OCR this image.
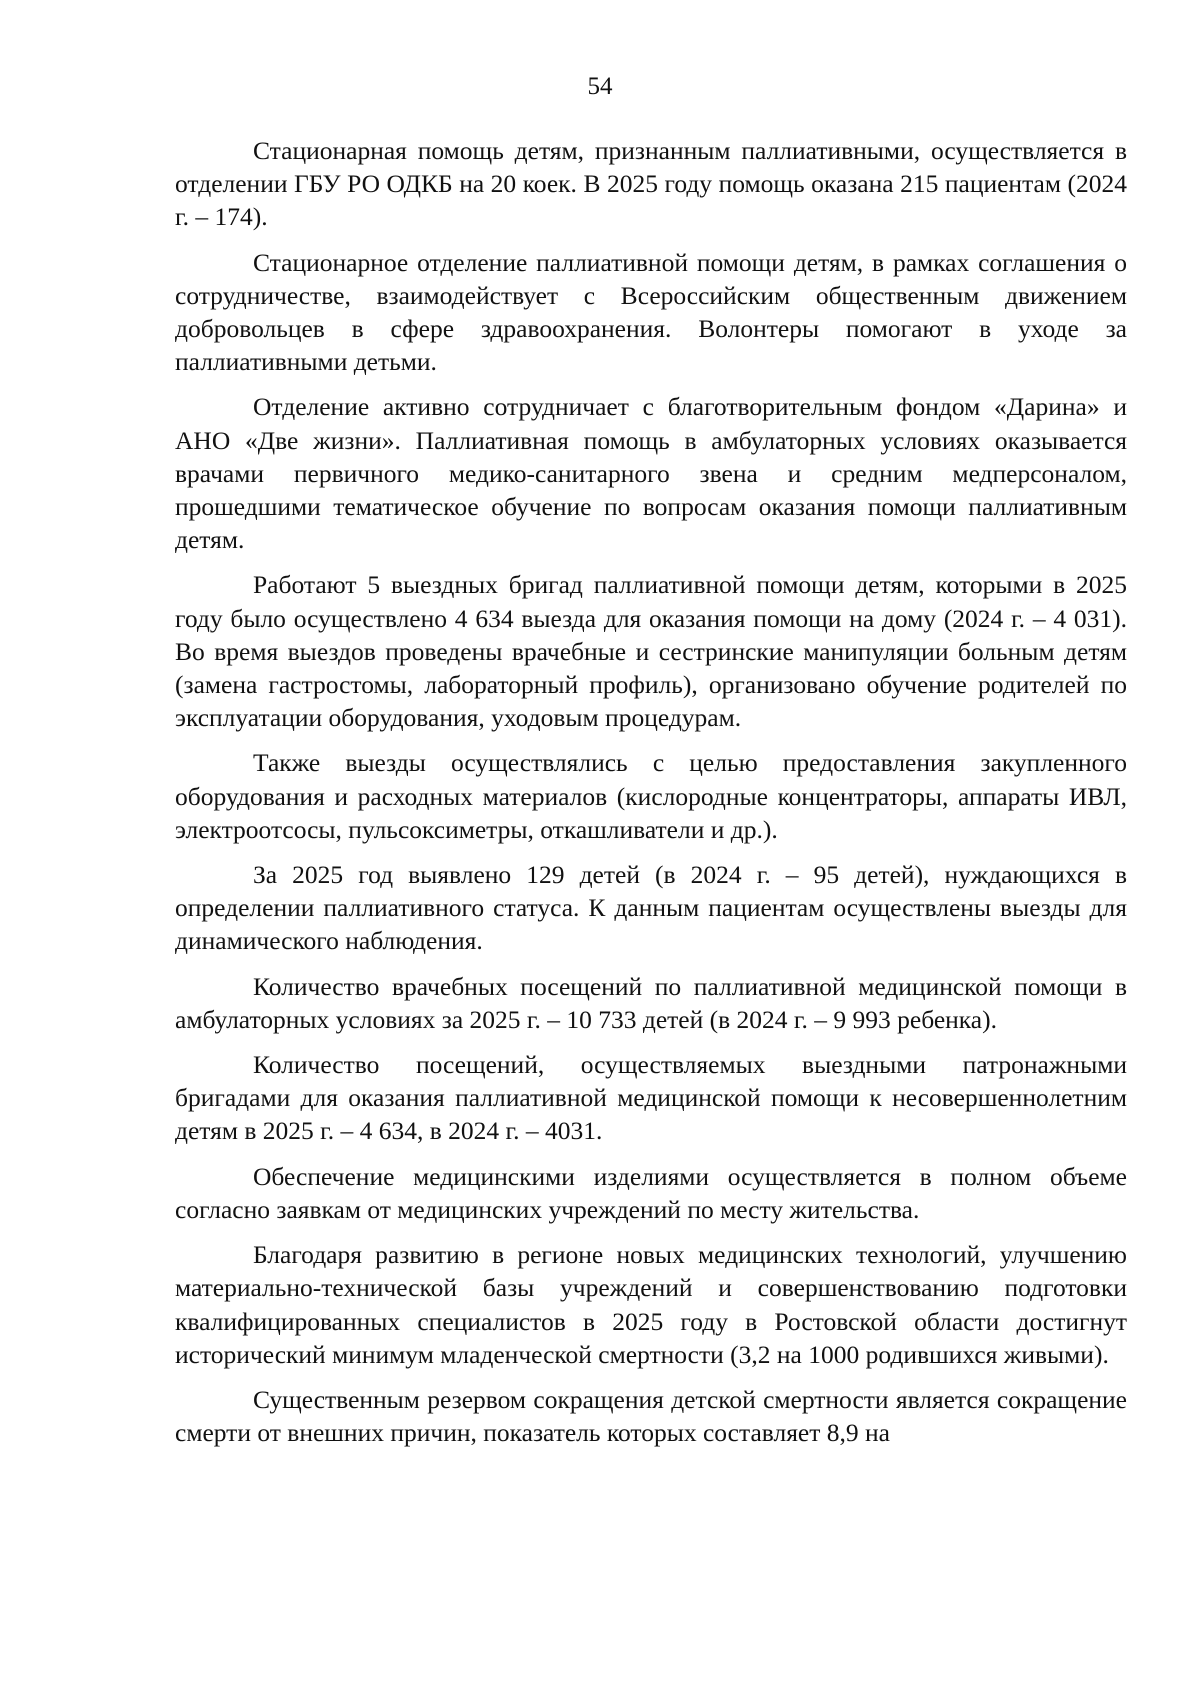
54

Стационарная помощь детям, признанным паллиативными, осуществляется в отделении ГБУ РО ОДКБ на 20 коек. В 2025 году помощь оказана 215 пациентам (2024 г. – 174).

Стационарное отделение паллиативной помощи детям, в рамках соглашения о сотрудничестве, взаимодействует с Всероссийским общественным движением добровольцев в сфере здравоохранения. Волонтеры помогают в уходе за паллиативными детьми.

Отделение активно сотрудничает с благотворительным фондом «Дарина» и АНО «Две жизни». Паллиативная помощь в амбулаторных условиях оказывается врачами первичного медико-санитарного звена и средним медперсоналом, прошедшими тематическое обучение по вопросам оказания помощи паллиативным детям.

Работают 5 выездных бригад паллиативной помощи детям, которыми в 2025 году было осуществлено 4 634 выезда для оказания помощи на дому (2024 г. – 4 031). Во время выездов проведены врачебные и сестринские манипуляции больным детям (замена гастростомы, лабораторный профиль), организовано обучение родителей по эксплуатации оборудования, уходовым процедурам.

Также выезды осуществлялись с целью предоставления закупленного оборудования и расходных материалов (кислородные концентраторы, аппараты ИВЛ, электроотсосы, пульсоксиметры, откашливатели и др.).

За 2025 год выявлено 129 детей (в 2024 г. – 95 детей), нуждающихся в определении паллиативного статуса. К данным пациентам осуществлены выезды для динамического наблюдения.

Количество врачебных посещений по паллиативной медицинской помощи в амбулаторных условиях за 2025 г. – 10 733 детей (в 2024 г. – 9 993 ребенка).

Количество посещений, осуществляемых выездными патронажными бригадами для оказания паллиативной медицинской помощи к несовершеннолетним детям в 2025 г. – 4 634, в 2024 г. – 4031.

Обеспечение медицинскими изделиями осуществляется в полном объеме согласно заявкам от медицинских учреждений по месту жительства.

Благодаря развитию в регионе новых медицинских технологий, улучшению материально-технической базы учреждений и совершенствованию подготовки квалифицированных специалистов в 2025 году в Ростовской области достигнут исторический минимум младенческой смертности (3,2 на 1000 родившихся живыми).

Существенным резервом сокращения детской смертности является сокращение смерти от внешних причин, показатель которых составляет 8,9 на
